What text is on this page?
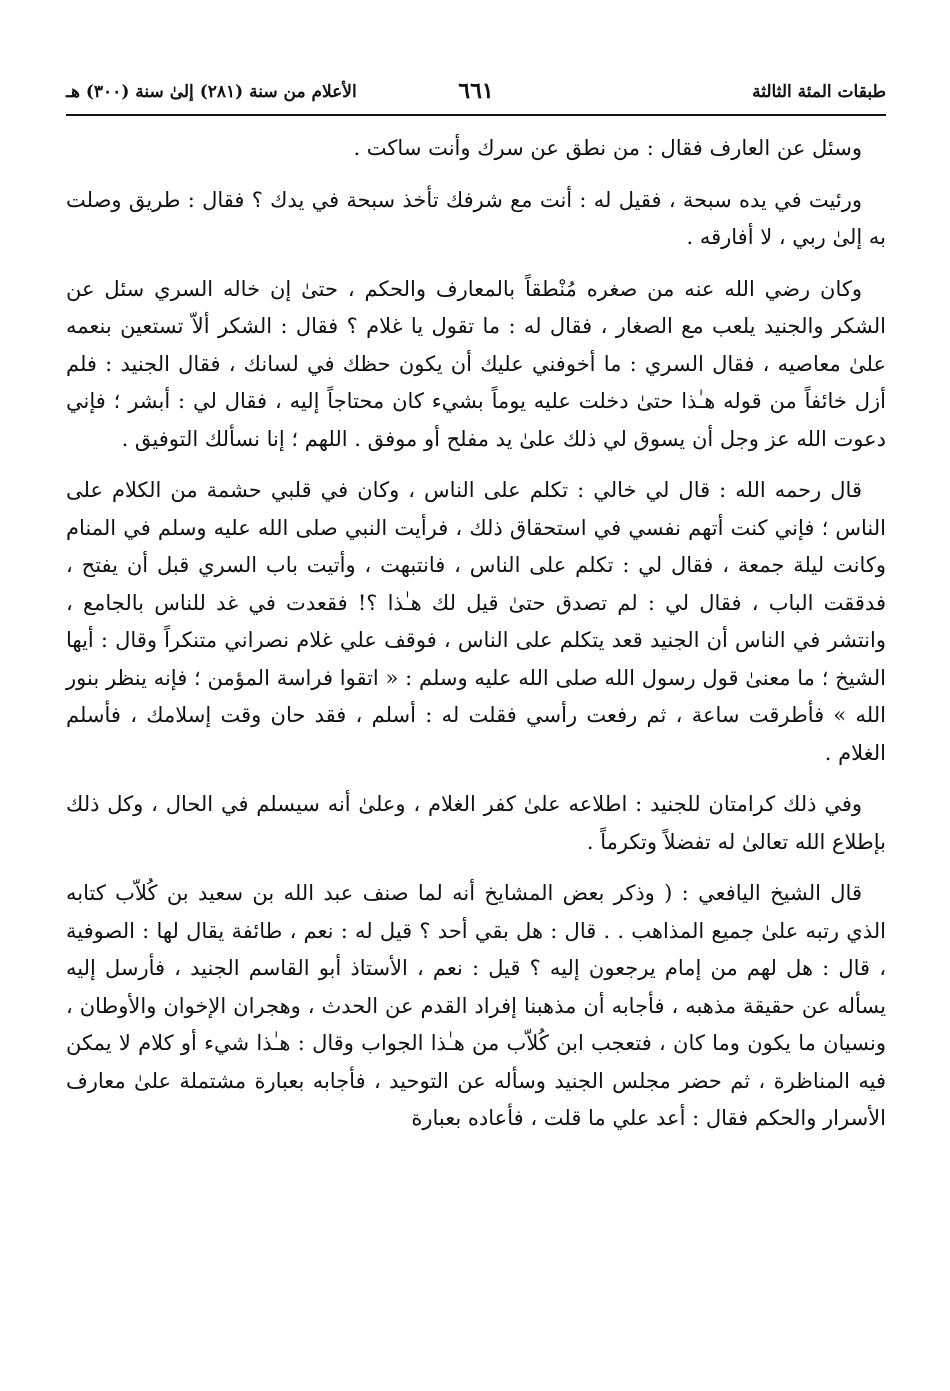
طبقات المئة الثالثة
٦٦١
الأعلام من سنة (٢٨١) إلىٰ سنة (٣٠٠) هـ

وسئل عن العارف فقال : من نطق عن سرك وأنت ساكت .

ورئيت في يده سبحة ، فقيل له : أنت مع شرفك تأخذ سبحة في يدك ؟ فقال : طريق وصلت به إلىٰ ربي ، لا أفارقه .

وكان رضي الله عنه من صغره مُنْطقاً بالمعارف والحكم ، حتىٰ إن خاله السري سئل عن الشكر والجنيد يلعب مع الصغار ، فقال له : ما تقول يا غلام ؟ فقال : الشكر ألاّ تستعين بنعمه علىٰ معاصيه ، فقال السري : ما أخوفني عليك أن يكون حظك في لسانك ، فقال الجنيد : فلم أزل خائفاً من قوله هـٰذا حتىٰ دخلت عليه يوماً بشيء كان محتاجاً إليه ، فقال لي : أبشر ؛ فإني دعوت الله عز وجل أن يسوق لي ذلك علىٰ يد مفلح أو موفق . اللهم ؛ إنا نسألك التوفيق .

قال رحمه الله : قال لي خالي : تكلم على الناس ، وكان في قلبي حشمة من الكلام على الناس ؛ فإني كنت أتهم نفسي في استحقاق ذلك ، فرأيت النبي صلى الله عليه وسلم في المنام وكانت ليلة جمعة ، فقال لي : تكلم على الناس ، فانتبهت ، وأتيت باب السري قبل أن يفتح ، فدققت الباب ، فقال لي : لم تصدق حتىٰ قيل لك هـٰذا ؟! فقعدت في غد للناس بالجامع ، وانتشر في الناس أن الجنيد قعد يتكلم على الناس ، فوقف علي غلام نصراني متنكراً وقال : أيها الشيخ ؛ ما معنىٰ قول رسول الله صلى الله عليه وسلم : « اتقوا فراسة المؤمن ؛ فإنه ينظر بنور الله » فأطرقت ساعة ، ثم رفعت رأسي فقلت له : أسلم ، فقد حان وقت إسلامك ، فأسلم الغلام .

وفي ذلك كرامتان للجنيد : اطلاعه علىٰ كفر الغلام ، وعلىٰ أنه سيسلم في الحال ، وكل ذلك بإطلاع الله تعالىٰ له تفضلاً وتكرماً .

قال الشيخ اليافعي : ( وذكر بعض المشايخ أنه لما صنف عبد الله بن سعيد بن كُلاّب كتابه الذي رتبه علىٰ جميع المذاهب . . قال : هل بقي أحد ؟ قيل له : نعم ، طائفة يقال لها : الصوفية ، قال : هل لهم من إمام يرجعون إليه ؟ قيل : نعم ، الأستاذ أبو القاسم الجنيد ، فأرسل إليه يسأله عن حقيقة مذهبه ، فأجابه أن مذهبنا إفراد القدم عن الحدث ، وهجران الإخوان والأوطان ، ونسيان ما يكون وما كان ، فتعجب ابن كُلاّب من هـٰذا الجواب وقال : هـٰذا شيء أو كلام لا يمكن فيه المناظرة ، ثم حضر مجلس الجنيد وسأله عن التوحيد ، فأجابه بعبارة مشتملة علىٰ معارف الأسرار والحكم فقال : أعد علي ما قلت ، فأعاده بعبارة
